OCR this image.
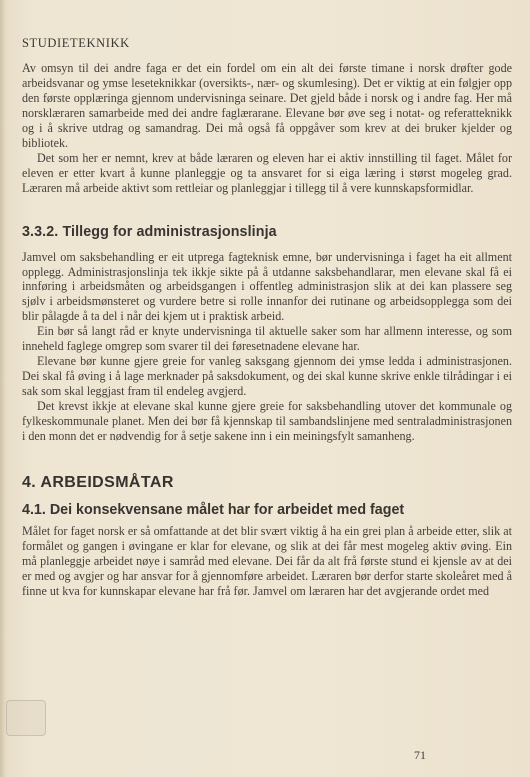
STUDIETEKNIKK

Av omsyn til dei andre faga er det ein fordel om ein alt dei første timane i norsk drøfter gode arbeidsvanar og ymse leseteknikkar (oversikts-, nær- og skumlesing). Det er viktig at ein følgjer opp den første opplæringa gjennom undervisninga seinare. Det gjeld både i norsk og i andre fag. Her må norsklæraren samarbeide med dei andre faglærarane. Elevane bør øve seg i notat- og referatteknikk og i å skrive utdrag og samandrag. Dei må også få oppgåver som krev at dei bruker kjelder og bibliotek.

Det som her er nemnt, krev at både læraren og eleven har ei aktiv innstilling til faget. Målet for eleven er etter kvart å kunne planleggje og ta ansvaret for si eiga læring i størst mogeleg grad. Læraren må arbeide aktivt som rettleiar og planleggjar i tillegg til å vere kunnskapsformidlar.

3.3.2. Tillegg for administrasjonslinja

Jamvel om saksbehandling er eit utpregа fagteknisk emne, bør undervisninga i faget ha eit allment opplegg. Administrasjonslinja tek ikkje sikte på å utdanne saksbehandlarar, men elevane skal få ei innføring i arbeidsmåten og arbeidsgangen i offentleg administrasjon slik at dei kan plassere seg sjølv i arbeidsmønsteret og vurdere betre si rolle innanfor dei rutinane og arbeidsopplegga som dei blir pålagde å ta del i når dei kjem ut i praktisk arbeid.

Ein bør så langt råd er knyte undervisninga til aktuelle saker som har allmenn interesse, og som inneheld faglege omgrep som svarer til dei føresetnadene elevane har.

Elevane bør kunne gjere greie for vanleg saksgang gjennom dei ymse ledda i administrasjonen. Dei skal få øving i å lage merknader på saksdokument, og dei skal kunne skrive enkle tilrådingar i ei sak som skal leggjast fram til endeleg avgjerd.

Det krevst ikkje at elevane skal kunne gjere greie for saksbehandling utover det kommunale og fylkeskommunale planet. Men dei bør få kjennskap til sambandslinjene med sentraladministrasjonen i den monn det er nødvendig for å setje sakene inn i ein meiningsfylt samanheng.

4. ARBEIDSMÅTAR
4.1. Dei konsekvensane målet har for arbeidet med faget

Målet for faget norsk er så omfattande at det blir svært viktig å ha ein grei plan å arbeide etter, slik at formålet og gangen i øvingane er klar for elevane, og slik at dei får mest mogeleg aktiv øving. Ein må planleggje arbeidet nøye i samråd med elevane. Dei får da alt frå første stund ei kjensle av at dei er med og avgjer og har ansvar for å gjennomføre arbeidet. Læraren bør derfor starte skoleåret med å finne ut kva for kunnskapar elevane har frå før. Jamvel om læraren har det avgjerande ordet med

71
